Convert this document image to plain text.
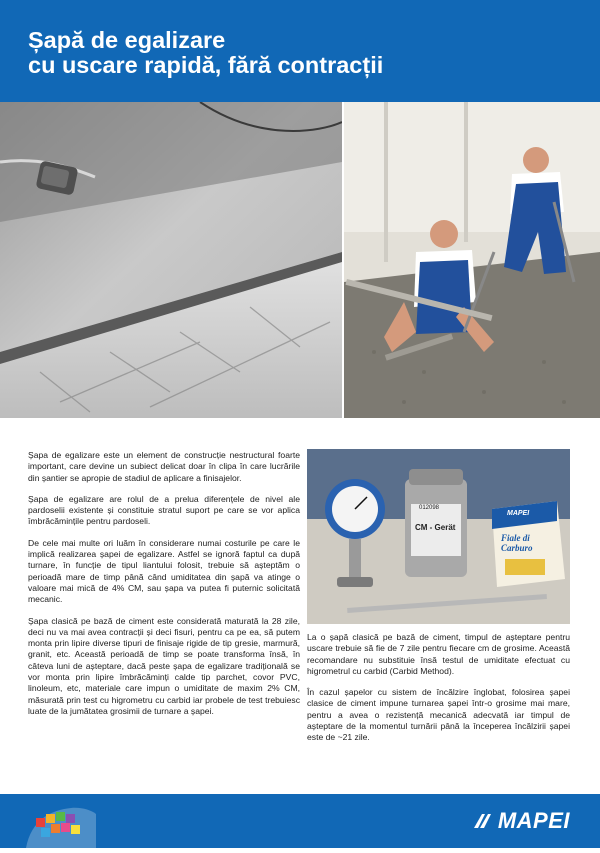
Șapă de egalizare
cu uscare rapidă, fără contracții
012098
CM - Gerät
MAPEI
Fiale di Carburo

Șapa de egalizare este un element de construcție nestructural foarte important, care devine un subiect delicat doar în clipa în care lucrările din șantier se apropie de stadiul de aplicare a finisajelor.

Șapa de egalizare are rolul de a prelua diferențele de nivel ale pardoselii existente și constituie stratul suport pe care se vor aplica îmbrăcămințile pentru pardoseli.

De cele mai multe ori luăm în considerare numai costurile pe care le implică realizarea șapei de egalizare. Astfel se ignoră faptul ca după turnare, în funcție de tipul liantului folosit, trebuie să așteptăm o perioadă mare de timp până când umiditatea din șapă va atinge o valoare mai mică de 4% CM, sau șapa va putea fi puternic solicitată mecanic.

Șapa clasică pe bază de ciment este considerată maturată la 28 zile, deci nu va mai avea contracții și deci fisuri, pentru ca pe ea, să putem monta prin lipire diverse tipuri de finisaje rigide de tip gresie, marmură, granit, etc. Această perioadă de timp se poate transforma însă, în câteva luni de așteptare, dacă peste șapa de egalizare tradițională se vor monta prin lipire îmbrăcăminți calde tip parchet, covor PVC, linoleum, etc, materiale care impun o umiditate de maxim 2% CM, măsurată prin test cu higrometru cu carbid iar probele de test trebuiesc luate de la jumătatea grosimii de turnare a șapei.

La o șapă clasică pe bază de ciment, timpul de așteptare pentru uscare trebuie să fie de 7 zile pentru fiecare cm de grosime. Această recomandare nu substituie însă testul de umiditate efectuat cu higrometrul cu carbid (Carbid Method).

În cazul șapelor cu sistem de încălzire înglobat, folosirea șapei clasice de ciment impune turnarea șapei într-o grosime mai mare, pentru a avea o rezistență mecanică adecvată iar timpul de așteptare de la momentul turnării până la începerea încălzirii șapei este de ~21 zile.

MAPEI
